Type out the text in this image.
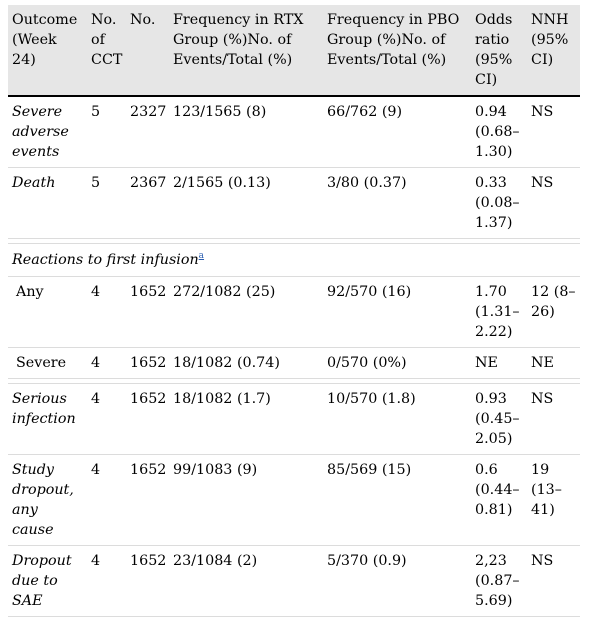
Outcome (Week 24)	No. of CCT	No.	Frequency in RTX Group (%)No. of Events/Total (%)	Frequency in PBO Group (%)No. of Events/Total (%)	Odds ratio (95% CI)	NNH (95% CI)
Severe adverse events	5	2327	123/1565 (8)	66/762 (9)	0.94 (0.68–1.30)	NS
Death	5	2367	2/1565 (0.13)	3/80 (0.37)	0.33 (0.08–1.37)	NS

Reactions to first infusion$^a$
Any	4	1652	272/1082 (25)	92/570 (16)	1.70 (1.31–2.22)	12 (8–26)
Severe	4	1652	18/1082 (0.74)	0/570 (0%)	NE	NE

Serious infection	4	1652	18/1082 (1.7)	10/570 (1.8)	0.93 (0.45–2.05)	NS
Study dropout, any cause	4	1652	99/1083 (9)	85/569 (15)	0.6 (0.44–0.81)	19 (13–41)
Dropout due to SAE	4	1652	23/1084 (2)	5/370 (0.9)	2,23 (0.87–5.69)	NS
